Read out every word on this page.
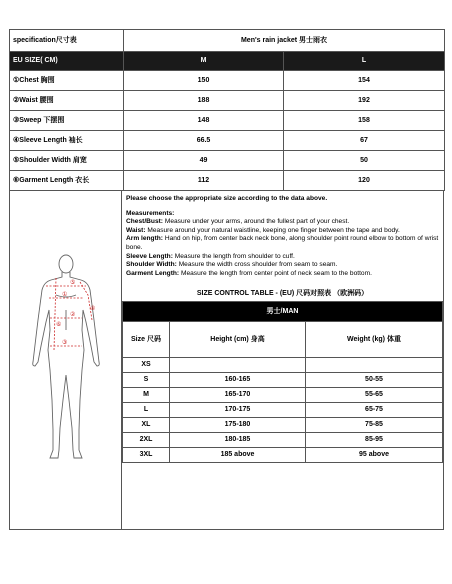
specification尺寸表	Men's rain jacket 男士雨衣	
EU SIZE( CM)	M	L
①Chest 胸围	150	154
②Waist 腰围	188	192
③Sweep 下摆围	148	158
④Sleeve Length 袖长	66.5	67
⑤Shoulder Width 肩宽	49	50
⑥Garment Length 衣长	112	120
①
②
③
④
⑤
⑥
Please choose the appropriate size according to the data above.
Measurements:
Chest/Bust: Measure under your arms, around the fullest part of your chest.
Waist: Measure around your natural waistline, keeping one finger between the tape and body.
Arm length: Hand on hip, from center back neck bone, along shoulder point round elbow to bottom of wrist bone.
Sleeve Length: Measure the length from shoulder to cuff.
Shoulder Width: Measure the width cross shoulder from seam to seam.
Garment Length: Measure the length from center point of neck seam to the bottom.
SIZE CONTROL TABLE - (EU) 尺码对照表 （欧洲码）
男士/MAN		
Size 尺码	Height (cm) 身高	Weight (kg) 体重
XS		
S	160-165	50-55
M	165-170	55-65
L	170-175	65-75
XL	175-180	75-85
2XL	180-185	85-95
3XL	185 above	95 above
